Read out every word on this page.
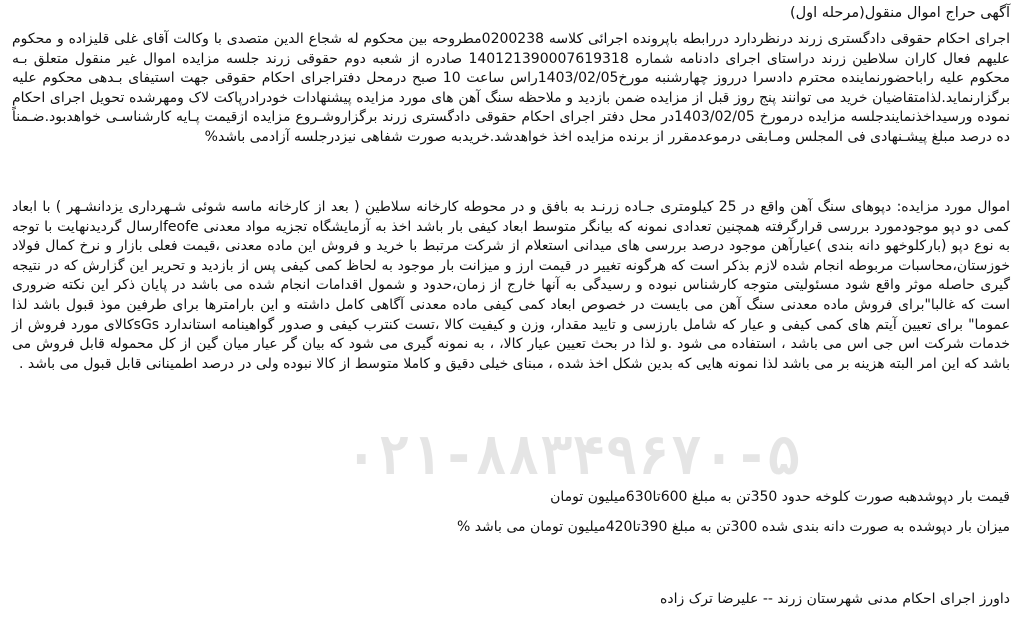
۰۲۱-۸۸۳۴۹۶۷۰-۵

آگهی حراج اموال منقول(مرحله اول)

اجرای احکام حقوقی دادگستری زرند درنظردارد دررابطه باپرونده اجرائی کلاسه 0200238مطروحه بین محکوم له شجاع الدین متصدی با وکالت آقای غلی قلیزاده و محکوم علیهم فعال کاران سلاطین زرند دراستای اجرای دادنامه شماره 140121390007619318 صادره از شعبه دوم حقوقی زرند جلسه مزایده اموال غیر منقول متعلق بـه محکوم علیه رابا‌حضورنماینده محترم دادسرا درروز چهارشنبه مورخ1403/02/05راس ساعت 10 صبح درمحل دفتراجرای احکام حقوقی جهت استیفای بـدهی محکوم علیه برگزارنماید.لذامتقاضیان خرید می توانند پنج روز قبل از مزایده ضمن بازدید و ملاحظه سنگ آهن های مورد مزایده پیشنهادات خودرادرپاکت لاک ومهرشده تحویل اجرای احکام نموده ورسیداخذنمایندجلسه مزایده درمورخ 1403/02/05در محل دفتر اجرای احکام حقوقی دادگستری زرند برگزاروشـروع مزایده ازقیمت پـایه کارشناسـی خواهدبود.ضـمناً ده درصد مبلغ پیشـنهادی فی المجلس ومـابقی درموعدمقرر از برنده مزایده اخذ خواهدشد.خریدبه صورت شفاهی نیزدرجلسه آزادمی باشد%

اموال مورد مزایده: دپوهای سنگ آهن واقع در 25 کیلومتری جـاده زرنـد به بافق و در محوطه کارخانه سلاطین ( بعد از کارخانه ماسه شوئی شـهرداری یزدانشـهر ) با ابعاد کمی دو دپو موجودمورد بررسی قرارگرفته همچنین تعدادی نمونه که بیانگر متوسط ابعاد کیفی بار باشد اخذ به آزمایشگاه تجزیه مواد معدنی feofeارسال گردیدنهایت با توجه به نوع دپو (بارکلوخهو دانه بندی )عیارآهن موجود درصد بررسی های میدانی استعلام از شرکت مرتبط با خرید و فروش این ماده معدنی ،قیمت فعلی بازار و نرخ کمال فولاد خوزستان،محاسبات مربوطه انجام شده لازم بذکر است که هرگونه تغییر در قیمت ارز و میزانت بار موجود به لحاظ کمی کیفی پس از بازدید و تحریر این گزارش که در نتیجه گیری حاصله موثر واقع شود مسئولیتی متوجه کارشناس نبوده و رسیدگی به آنها خارج از زمان،حدود و شمول اقدامات انجام شده می باشد در پایان ذکر این نکته ضروری است که غالبا"برای فروش ماده معدنی سنگ آهن می بایست در خصوص ابعاد کمی کیفی ماده معدنی آگاهی کامل داشته و این بارامترها برای طرفین موذ قبول باشد لذا عموما" برای تعیین آیتم های کمی کیفی و عیار که شامل بارزسی و تایید مقدار، وزن و کیفیت کالا ،تست کنترب کیفی و صدور گواهینامه استاندارد sGsکالای مورد فروش از خدمات شرکت اس جی اس می باشد ، استفاده می شود .و لذا در بحث تعیین عیار کالا، ، به نمونه گیری می شود که بیان گر عیار میان گین از کل محموله قابل فروش می باشد که این امر البته هزینه بر می باشد لذا نمونه هایی که بدین شکل اخذ شده ، مبنای خیلی دقیق و کاملا متوسط از کالا نبوده ولی در درصد اطمینانی قابل قبول می باشد .

قیمت بار دپوشدهبه صورت کلوخه حدود 350تن به مبلغ 600تا630میلیون تومان

میزان بار دپوشده به صورت دانه بندی شده 300تن به مبلغ 390تا420میلیون تومان می باشد %

داورز اجرای احکام مدنی شهرستان زرند -- علیرضا ترک زاده
